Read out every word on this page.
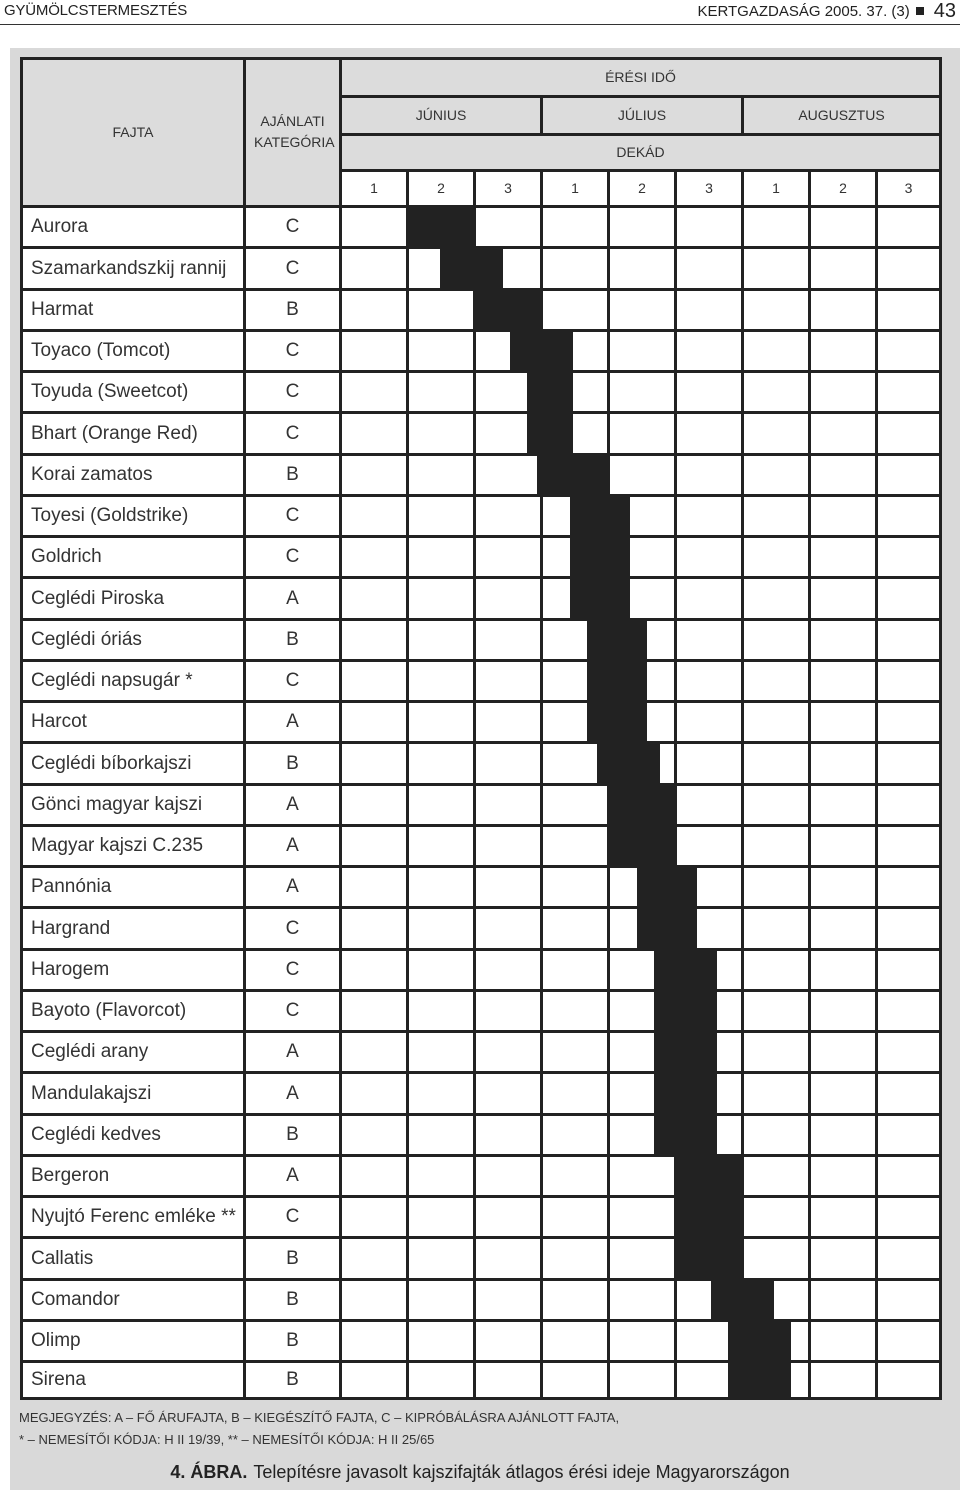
GYÜMÖLCSTERMESZTÉS	KERTGAZDASÁG 2005. 37. (3) 43
FAJTA
AJÁNLATI KATEGÓRIA
ÉRÉSI IDŐ
JÚNIUS	JÚLIUS	AUGUSZTUS
DEKÁD
1	2	3	1	2	3	1	2	3
Aurora	C
Szamarkandszkij rannij	C
Harmat	B
Toyaco (Tomcot)	C
Toyuda (Sweetcot)	C
Bhart (Orange Red)	C
Korai zamatos	B
Toyesi (Goldstrike)	C
Goldrich	C
Ceglédi Piroska	A
Ceglédi óriás	B
Ceglédi napsugár *	C
Harcot	A
Ceglédi bíborkajszi	B
Gönci magyar kajszi	A
Magyar kajszi C.235	A
Pannónia	A
Hargrand	C
Harogem	C
Bayoto (Flavorcot)	C
Ceglédi arany	A
Mandulakajszi	A
Ceglédi kedves	B
Bergeron	A
Nyujtó Ferenc emléke **	C
Callatis	B
Comandor	B
Olimp	B
Sirena	B
MEGJEGYZÉS: A – FŐ ÁRUFAJTA, B – KIEGÉSZÍTŐ FAJTA, C – KIPRÓBÁLÁSRA AJÁNLOTT FAJTA,
* – NEMESÍTŐI KÓDJA: H II 19/39, ** – NEMESÍTŐI KÓDJA: H II 25/65
4. ÁBRA. Telepítésre javasolt kajszifajták átlagos érési ideje Magyarországon
